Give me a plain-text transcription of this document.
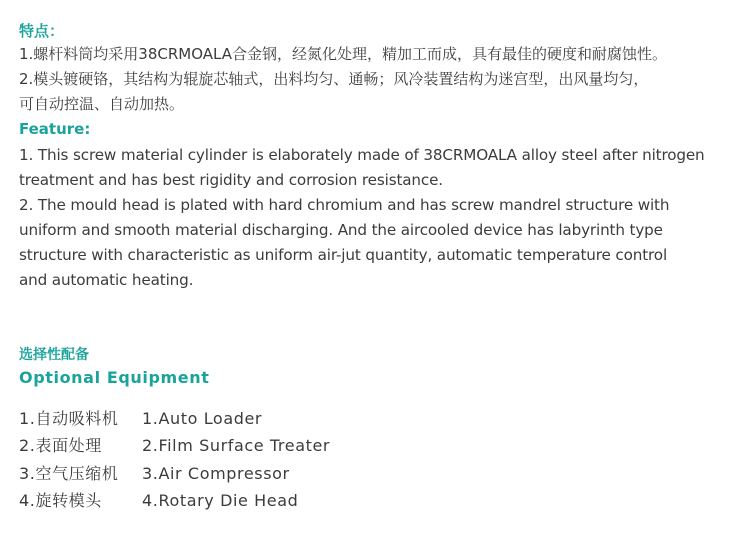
特点：
1.螺杆料筒均采用38CRMOALA合金钢，经氮化处理，精加工而成，具有最佳的硬度和耐腐蚀性。
2.模头镀硬铬，其结构为辊旋芯轴式，出料均匀、通畅；风冷装置结构为迷宫型，出风量均匀，
可自动控温、自动加热。
Feature:
1. This screw material cylinder is elaboratelу made of 38CRMOALA alloy steel after nitrogen
treatment and has best rigidity and corrosion resistance.
2. The mould head is plated with hard chromium and has screw mandrel structure with
uniform and smooth material discharging. And the aircooled device has labyrinth type
structure with characteristic as uniform air-jut quantity, automatic temperature control
and automatic heating.
选择性配备
Optional Equipment
1.自动吸料机 1.Auto Loader
2.表面处理	2.Film Surface Treater
3.空气压缩机 3.Air Compressor
4.旋转模头	4.Rotary Die Head
